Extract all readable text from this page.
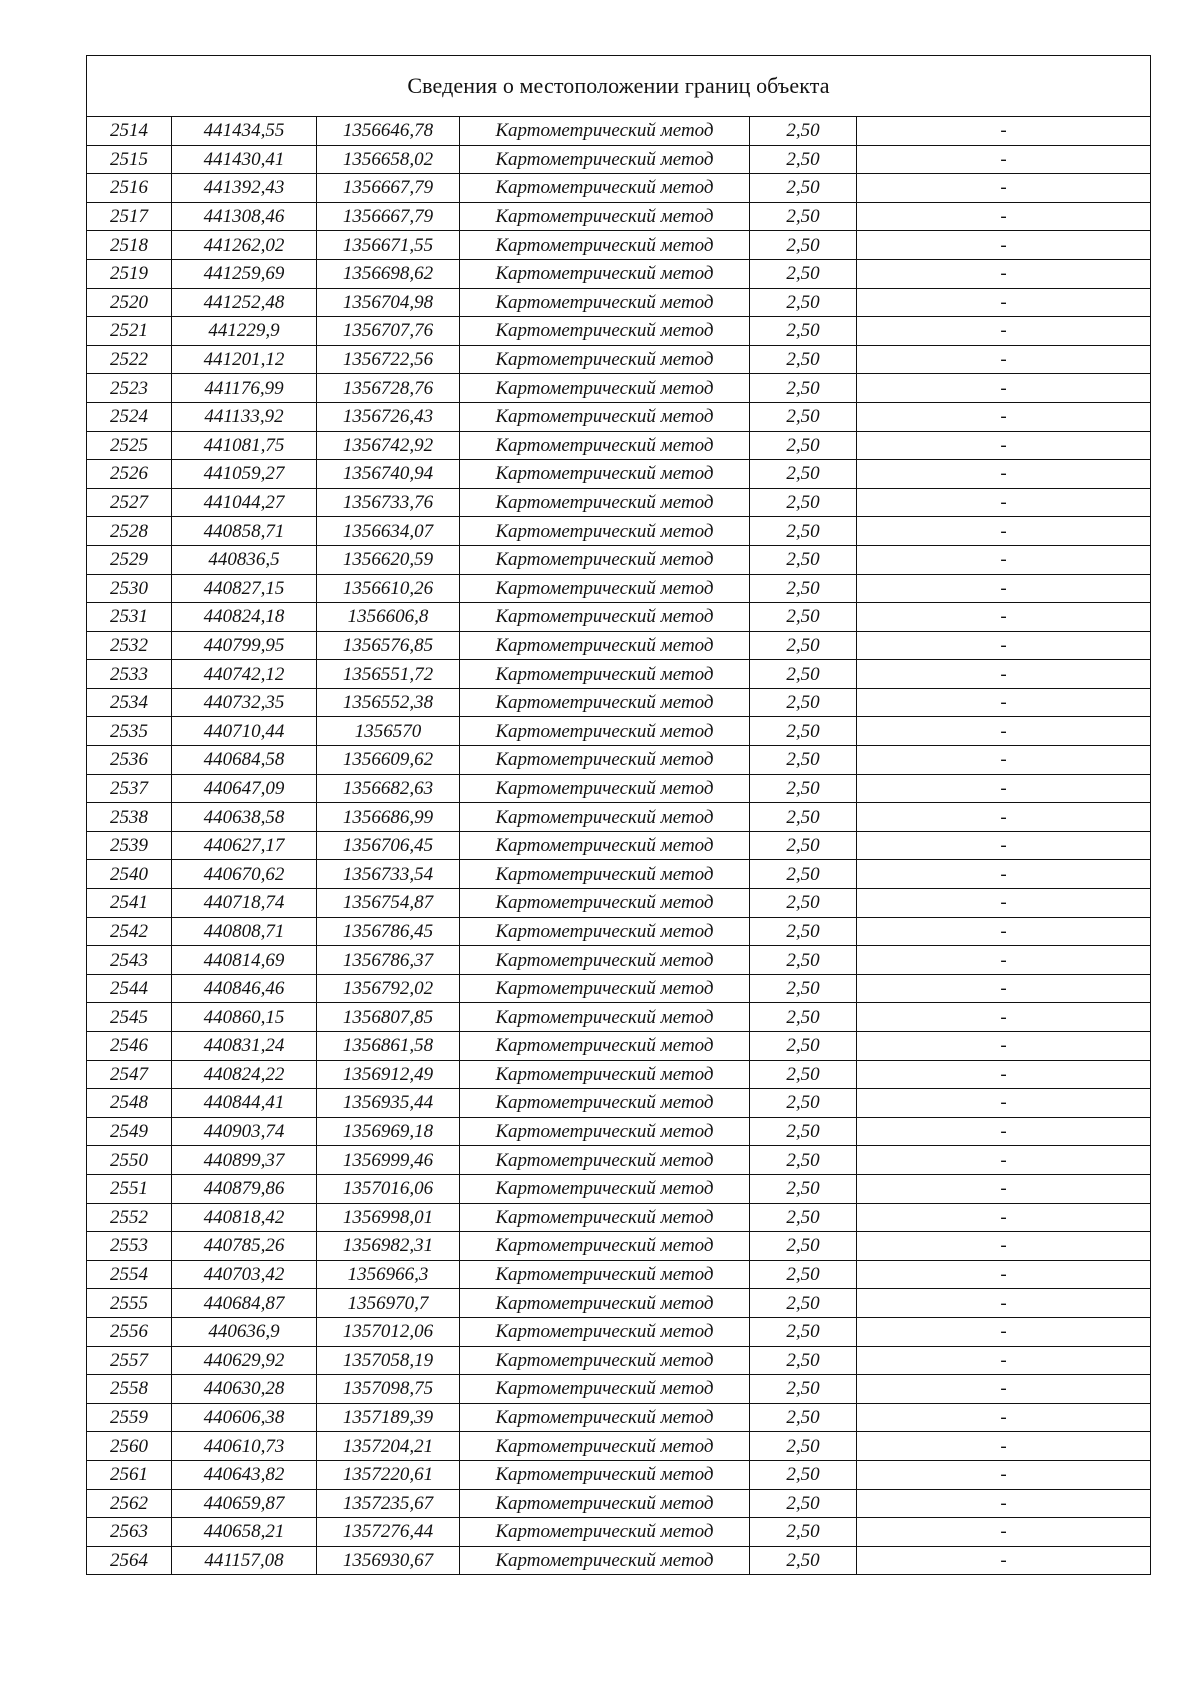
Сведения о местоположении границ объекта					
2514	441434,55	1356646,78	Картометрический метод	2,50	-
2515	441430,41	1356658,02	Картометрический метод	2,50	-
2516	441392,43	1356667,79	Картометрический метод	2,50	-
2517	441308,46	1356667,79	Картометрический метод	2,50	-
2518	441262,02	1356671,55	Картометрический метод	2,50	-
2519	441259,69	1356698,62	Картометрический метод	2,50	-
2520	441252,48	1356704,98	Картометрический метод	2,50	-
2521	441229,9	1356707,76	Картометрический метод	2,50	-
2522	441201,12	1356722,56	Картометрический метод	2,50	-
2523	441176,99	1356728,76	Картометрический метод	2,50	-
2524	441133,92	1356726,43	Картометрический метод	2,50	-
2525	441081,75	1356742,92	Картометрический метод	2,50	-
2526	441059,27	1356740,94	Картометрический метод	2,50	-
2527	441044,27	1356733,76	Картометрический метод	2,50	-
2528	440858,71	1356634,07	Картометрический метод	2,50	-
2529	440836,5	1356620,59	Картометрический метод	2,50	-
2530	440827,15	1356610,26	Картометрический метод	2,50	-
2531	440824,18	1356606,8	Картометрический метод	2,50	-
2532	440799,95	1356576,85	Картометрический метод	2,50	-
2533	440742,12	1356551,72	Картометрический метод	2,50	-
2534	440732,35	1356552,38	Картометрический метод	2,50	-
2535	440710,44	1356570	Картометрический метод	2,50	-
2536	440684,58	1356609,62	Картометрический метод	2,50	-
2537	440647,09	1356682,63	Картометрический метод	2,50	-
2538	440638,58	1356686,99	Картометрический метод	2,50	-
2539	440627,17	1356706,45	Картометрический метод	2,50	-
2540	440670,62	1356733,54	Картометрический метод	2,50	-
2541	440718,74	1356754,87	Картометрический метод	2,50	-
2542	440808,71	1356786,45	Картометрический метод	2,50	-
2543	440814,69	1356786,37	Картометрический метод	2,50	-
2544	440846,46	1356792,02	Картометрический метод	2,50	-
2545	440860,15	1356807,85	Картометрический метод	2,50	-
2546	440831,24	1356861,58	Картометрический метод	2,50	-
2547	440824,22	1356912,49	Картометрический метод	2,50	-
2548	440844,41	1356935,44	Картометрический метод	2,50	-
2549	440903,74	1356969,18	Картометрический метод	2,50	-
2550	440899,37	1356999,46	Картометрический метод	2,50	-
2551	440879,86	1357016,06	Картометрический метод	2,50	-
2552	440818,42	1356998,01	Картометрический метод	2,50	-
2553	440785,26	1356982,31	Картометрический метод	2,50	-
2554	440703,42	1356966,3	Картометрический метод	2,50	-
2555	440684,87	1356970,7	Картометрический метод	2,50	-
2556	440636,9	1357012,06	Картометрический метод	2,50	-
2557	440629,92	1357058,19	Картометрический метод	2,50	-
2558	440630,28	1357098,75	Картометрический метод	2,50	-
2559	440606,38	1357189,39	Картометрический метод	2,50	-
2560	440610,73	1357204,21	Картометрический метод	2,50	-
2561	440643,82	1357220,61	Картометрический метод	2,50	-
2562	440659,87	1357235,67	Картометрический метод	2,50	-
2563	440658,21	1357276,44	Картометрический метод	2,50	-
2564	441157,08	1356930,67	Картометрический метод	2,50	-
